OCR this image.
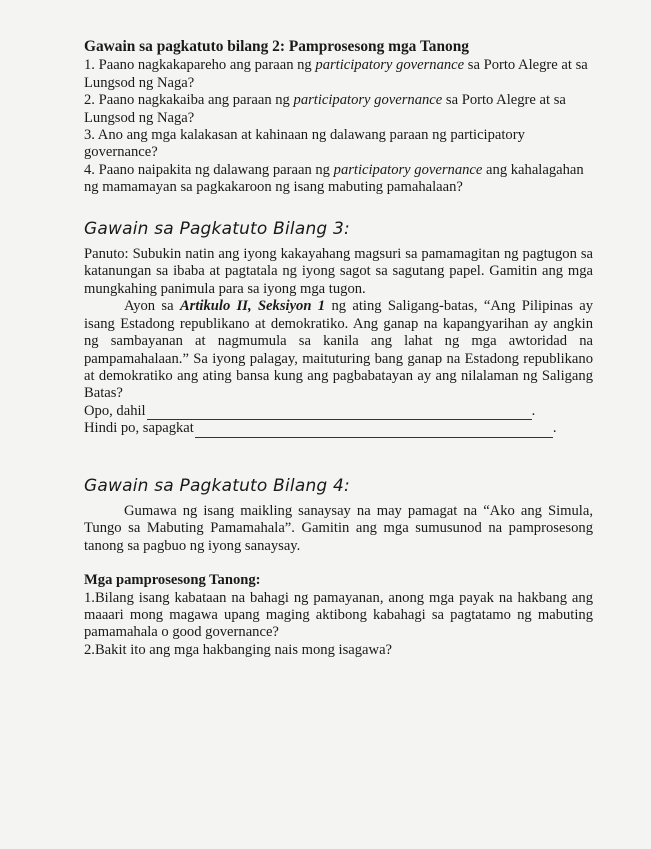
Gawain sa pagkatuto bilang 2: Pamprosesong mga Tanong

1. Paano nagkakapareho ang paraan ng participatory governance sa Porto Alegre at sa Lungsod ng Naga?

2. Paano nagkakaiba ang paraan ng participatory governance sa Porto Alegre at sa Lungsod ng Naga?

3. Ano ang mga kalakasan at kahinaan ng dalawang paraan ng participatory governance?

4. Paano naipakita ng dalawang paraan ng participatory governance ang kahalagahan ng mamamayan sa pagkakaroon ng isang mabuting pamahalaan?

Gawain sa Pagkatuto Bilang 3:

Panuto: Subukin natin ang iyong kakayahang magsuri sa pamamagitan ng pagtugon sa katanungan sa ibaba at pagtatala ng iyong sagot sa sagutang papel. Gamitin ang mga mungkahing panimula para sa iyong mga tugon.

Ayon sa Artikulo II, Seksiyon 1 ng ating Saligang-batas, “Ang Pilipinas ay isang Estadong republikano at demokratiko. Ang ganap na kapangyarihan ay angkin ng sambayanan at nagmumula sa kanila ang lahat ng mga awtoridad na pampamahalaan.” Sa iyong palagay, maituturing bang ganap na Estadong republikano at demokratiko ang ating bansa kung ang pagbabatayan ay ang nilalaman ng Saligang Batas?

Opo, dahil	.

Hindi po, sapagkat	.

Gawain sa Pagkatuto Bilang 4:

Gumawa ng isang maikling sanaysay na may pamagat na “Ako ang Simula, Tungo sa Mabuting Pamamahala”. Gamitin ang mga sumusunod na pamprosesong tanong sa pagbuo ng iyong sanaysay.

Mga pamprosesong Tanong:

1.Bilang isang kabataan na bahagi ng pamayanan, anong mga payak na hakbang ang maaari mong magawa upang maging aktibong kabahagi sa pagtatamo ng mabuting pamamahala o good governance?

2.Bakit ito ang mga hakbanging nais mong isagawa?
